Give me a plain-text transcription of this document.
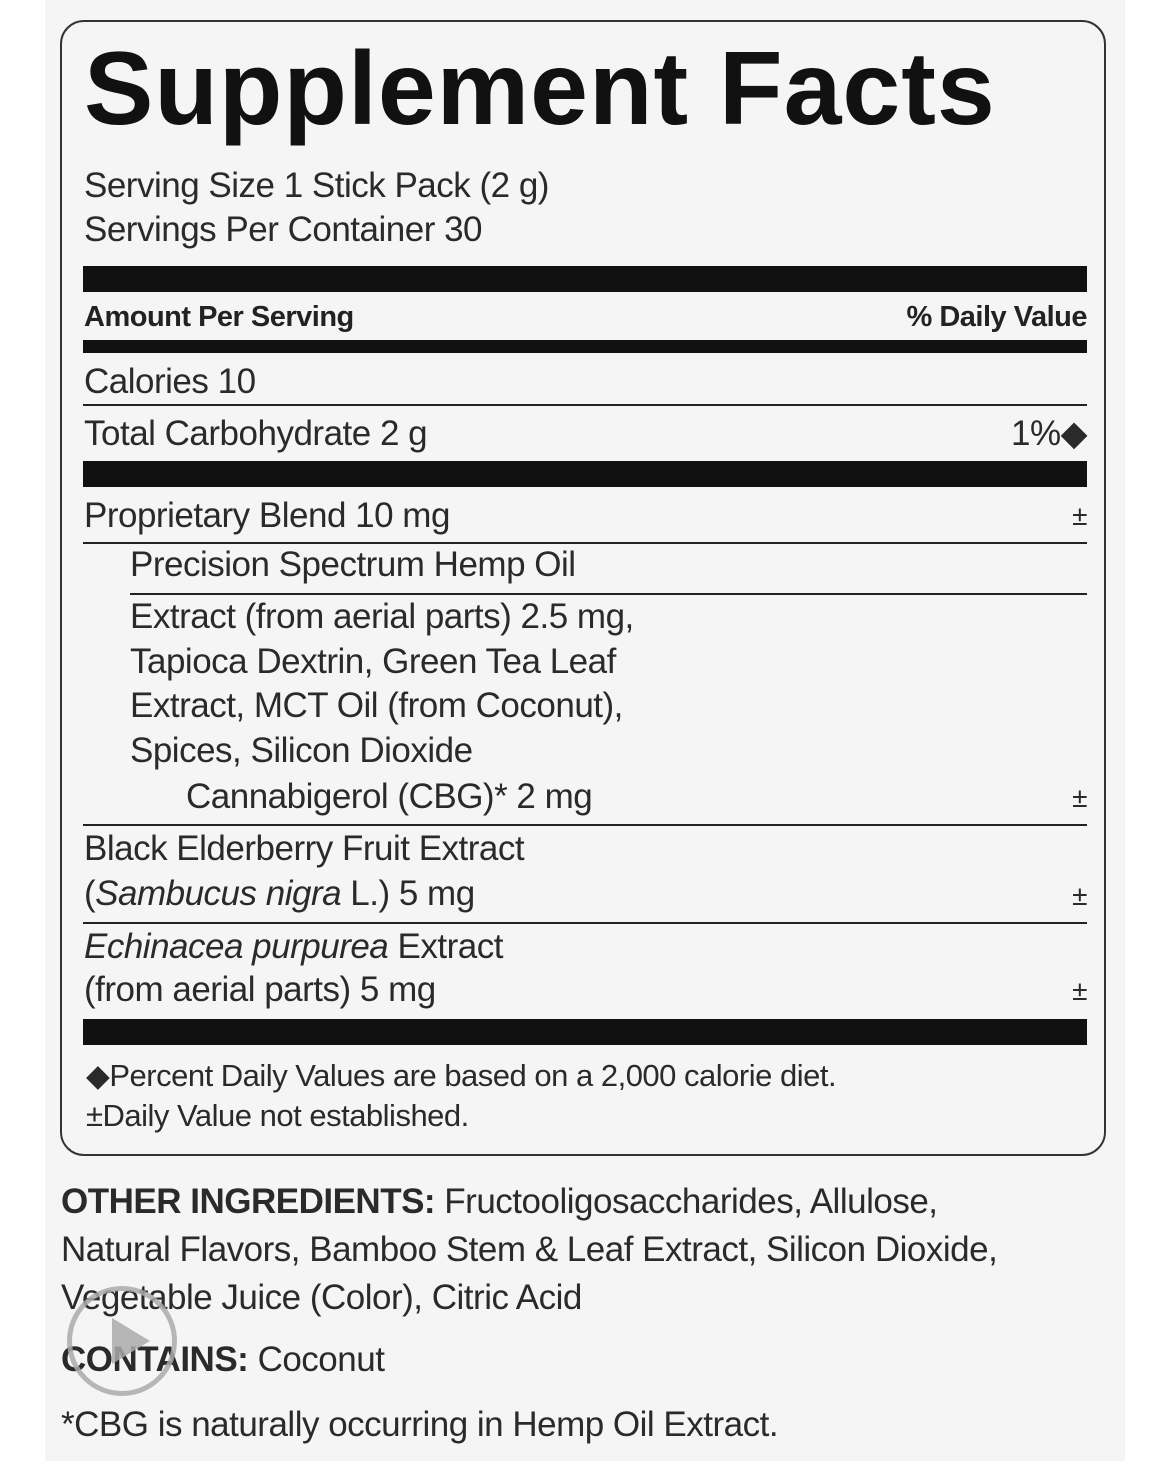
Supplement Facts
Serving Size 1 Stick Pack (2 g)
Servings Per Container 30
Amount Per Serving	% Daily Value
Calories 10
Total Carbohydrate 2 g	1%◆
Proprietary Blend 10 mg	±
Precision Spectrum Hemp Oil
Extract (from aerial parts) 2.5 mg,
Tapioca Dextrin, Green Tea Leaf
Extract, MCT Oil (from Coconut),
Spices, Silicon Dioxide
Cannabigerol (CBG)* 2 mg	±
Black Elderberry Fruit Extract
(Sambucus nigra L.) 5 mg	±
Echinacea purpurea Extract
(from aerial parts) 5 mg	±
◆Percent Daily Values are based on a 2,000 calorie diet.
±Daily Value not established.
OTHER INGREDIENTS: Fructooligosaccharides, Allulose,
Natural Flavors, Bamboo Stem & Leaf Extract, Silicon Dioxide,
Vegetable Juice (Color), Citric Acid
CONTAINS: Coconut
*CBG is naturally occurring in Hemp Oil Extract.
